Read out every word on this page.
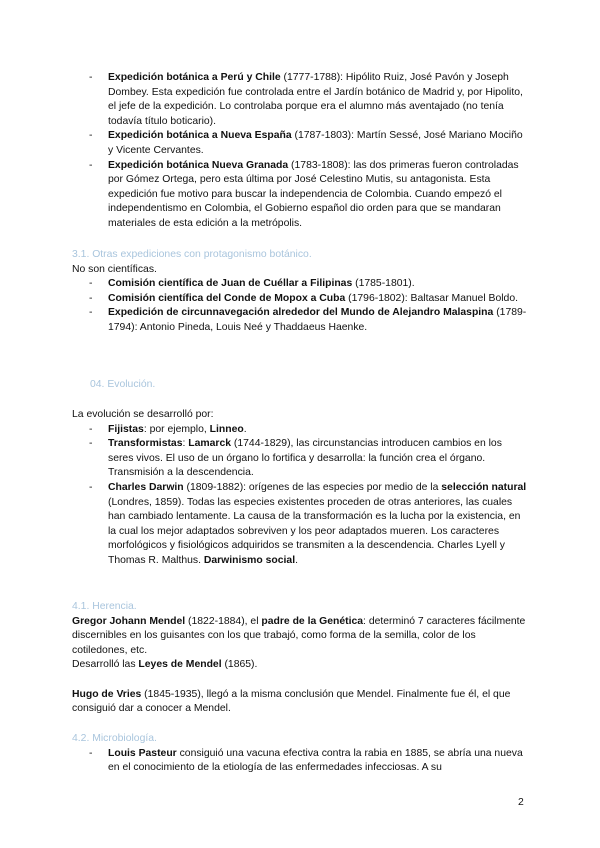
- Expedición botánica a Perú y Chile (1777-1788): Hipólito Ruiz, José Pavón y Joseph Dombey. Esta expedición fue controlada entre el Jardín botánico de Madrid y, por Hipolito, el jefe de la expedición. Lo controlaba porque era el alumno más aventajado (no tenía todavía título boticario).
- Expedición botánica a Nueva España (1787-1803): Martín Sessé, José Mariano Mociño y Vicente Cervantes.
- Expedición botánica Nueva Granada (1783-1808): las dos primeras fueron controladas por Gómez Ortega, pero esta última por José Celestino Mutis, su antagonista. Esta expedición fue motivo para buscar la independencia de Colombia. Cuando empezó el independentismo en Colombia, el Gobierno español dio orden para que se mandaran materiales de esta edición a la metrópolis.

3.1. Otras expediciones con protagonismo botánico.

No son científicas.

- Comisión científica de Juan de Cuéllar a Filipinas (1785-1801).
- Comisión científica del Conde de Mopox a Cuba (1796-1802): Baltasar Manuel Boldo.
- Expedición de circunnavegación alrededor del Mundo de Alejandro Malaspina (1789-1794): Antonio Pineda, Louis Neé y Thaddaeus Haenke.

04. Evolución.

La evolución se desarrolló por:

- Fijistas: por ejemplo, Linneo.
- Transformistas: Lamarck (1744-1829), las circunstancias introducen cambios en los seres vivos. El uso de un órgano lo fortifica y desarrolla: la función crea el órgano. Transmisión a la descendencia.
- Charles Darwin (1809-1882): orígenes de las especies por medio de la selección natural (Londres, 1859). Todas las especies existentes proceden de otras anteriores, las cuales han cambiado lentamente. La causa de la transformación es la lucha por la existencia, en la cual los mejor adaptados sobreviven y los peor adaptados mueren. Los caracteres morfológicos y fisiológicos adquiridos se transmiten a la descendencia. Charles Lyell y Thomas R. Malthus. Darwinismo social.

4.1. Herencia.

Gregor Johann Mendel (1822-1884), el padre de la Genética: determinó 7 caracteres fácilmente discernibles en los guisantes con los que trabajó, como forma de la semilla, color de los cotiledones, etc.

Desarrolló las Leyes de Mendel (1865).

Hugo de Vries (1845-1935), llegó a la misma conclusión que Mendel. Finalmente fue él, el que consiguió dar a conocer a Mendel.

4.2. Microbiología.

- Louis Pasteur consiguió una vacuna efectiva contra la rabia en 1885, se abría una nueva en el conocimiento de la etiología de las enfermedades infecciosas. A su
2
